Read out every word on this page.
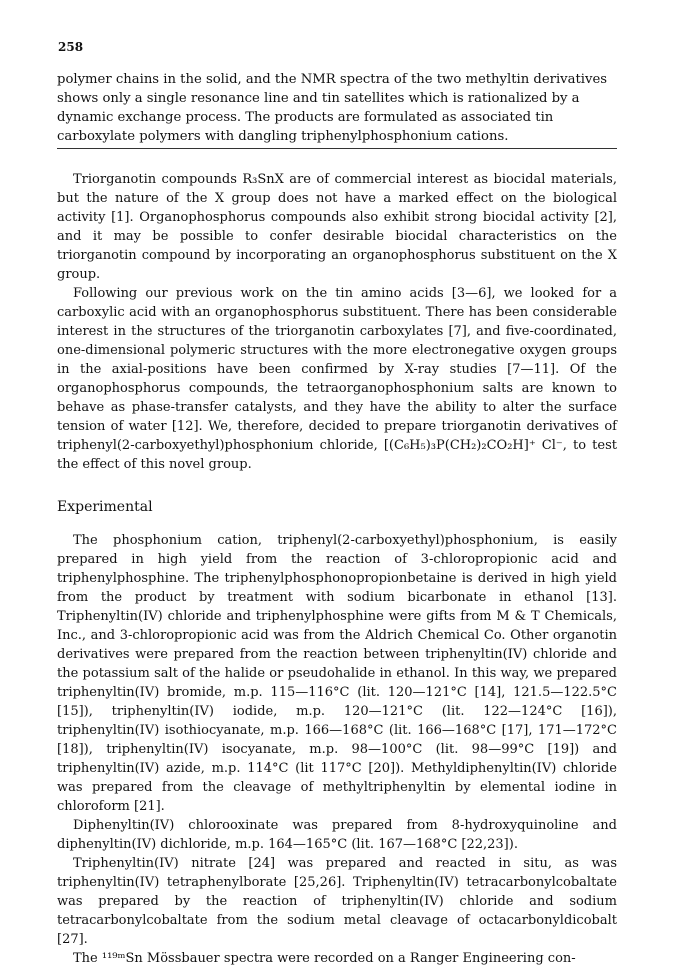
258

polymer chains in the solid, and the NMR spectra of the two methyltin derivatives shows only a single resonance line and tin satellites which is rationalized by a dynamic exchange process. The products are formulated as associated tin carboxylate polymers with dangling triphenylphosphonium cations.

Triorganotin compounds R₃SnX are of commercial interest as biocidal materials, but the nature of the X group does not have a marked effect on the biological activity [1]. Organophosphorus compounds also exhibit strong biocidal activity [2], and it may be possible to confer desirable biocidal characteristics on the triorganotin compound by incorporating an organophosphorus substituent on the X group.

Following our previous work on the tin amino acids [3—6], we looked for a carboxylic acid with an organophosphorus substituent. There has been considerable interest in the structures of the triorganotin carboxylates [7], and five-coordinated, one-dimensional polymeric structures with the more electronegative oxygen groups in the axial-positions have been confirmed by X-ray studies [7—11]. Of the organophosphorus compounds, the tetraorganophosphonium salts are known to behave as phase-transfer catalysts, and they have the ability to alter the surface tension of water [12]. We, therefore, decided to prepare triorganotin derivatives of triphenyl(2-carboxyethyl)phosphonium chloride, [(C₆H₅)₃P(CH₂)₂CO₂H]⁺ Cl⁻, to test the effect of this novel group.

Experimental

The phosphonium cation, triphenyl(2-carboxyethyl)phosphonium, is easily prepared in high yield from the reaction of 3-chloropropionic acid and triphenylphosphine. The triphenylphosphonopropionbetaine is derived in high yield from the product by treatment with sodium bicarbonate in ethanol [13]. Triphenyltin(IV) chloride and triphenylphosphine were gifts from M & T Chemicals, Inc., and 3-chloropropionic acid was from the Aldrich Chemical Co. Other organotin derivatives were prepared from the reaction between triphenyltin(IV) chloride and the potassium salt of the halide or pseudohalide in ethanol. In this way, we prepared triphenyltin(IV) bromide, m.p. 115—116°C (lit. 120—121°C [14], 121.5—122.5°C [15]), triphenyltin(IV) iodide, m.p. 120—121°C (lit. 122—124°C [16]), triphenyltin(IV) isothiocyanate, m.p. 166—168°C (lit. 166—168°C [17], 171—172°C [18]), triphenyltin(IV) isocyanate, m.p. 98—100°C (lit. 98—99°C [19]) and triphenyltin(IV) azide, m.p. 114°C (lit 117°C [20]). Methyldiphenyltin(IV) chloride was prepared from the cleavage of methyltriphenyltin by elemental iodine in chloroform [21].

Diphenyltin(IV) chlorooxinate was prepared from 8-hydroxyquinoline and diphenyltin(IV) dichloride, m.p. 164—165°C (lit. 167—168°C [22,23]).

Triphenyltin(IV) nitrate [24] was prepared and reacted in situ, as was triphenyltin(IV) tetraphenylborate [25,26]. Triphenyltin(IV) tetracarbonylcobaltate was prepared by the reaction of triphenyltin(IV) chloride and sodium tetracarbonylcobaltate from the sodium metal cleavage of octacarbonyldicobalt [27].

The ¹¹⁹ᵐSn Mössbauer spectra were recorded on a Ranger Engineering con-
